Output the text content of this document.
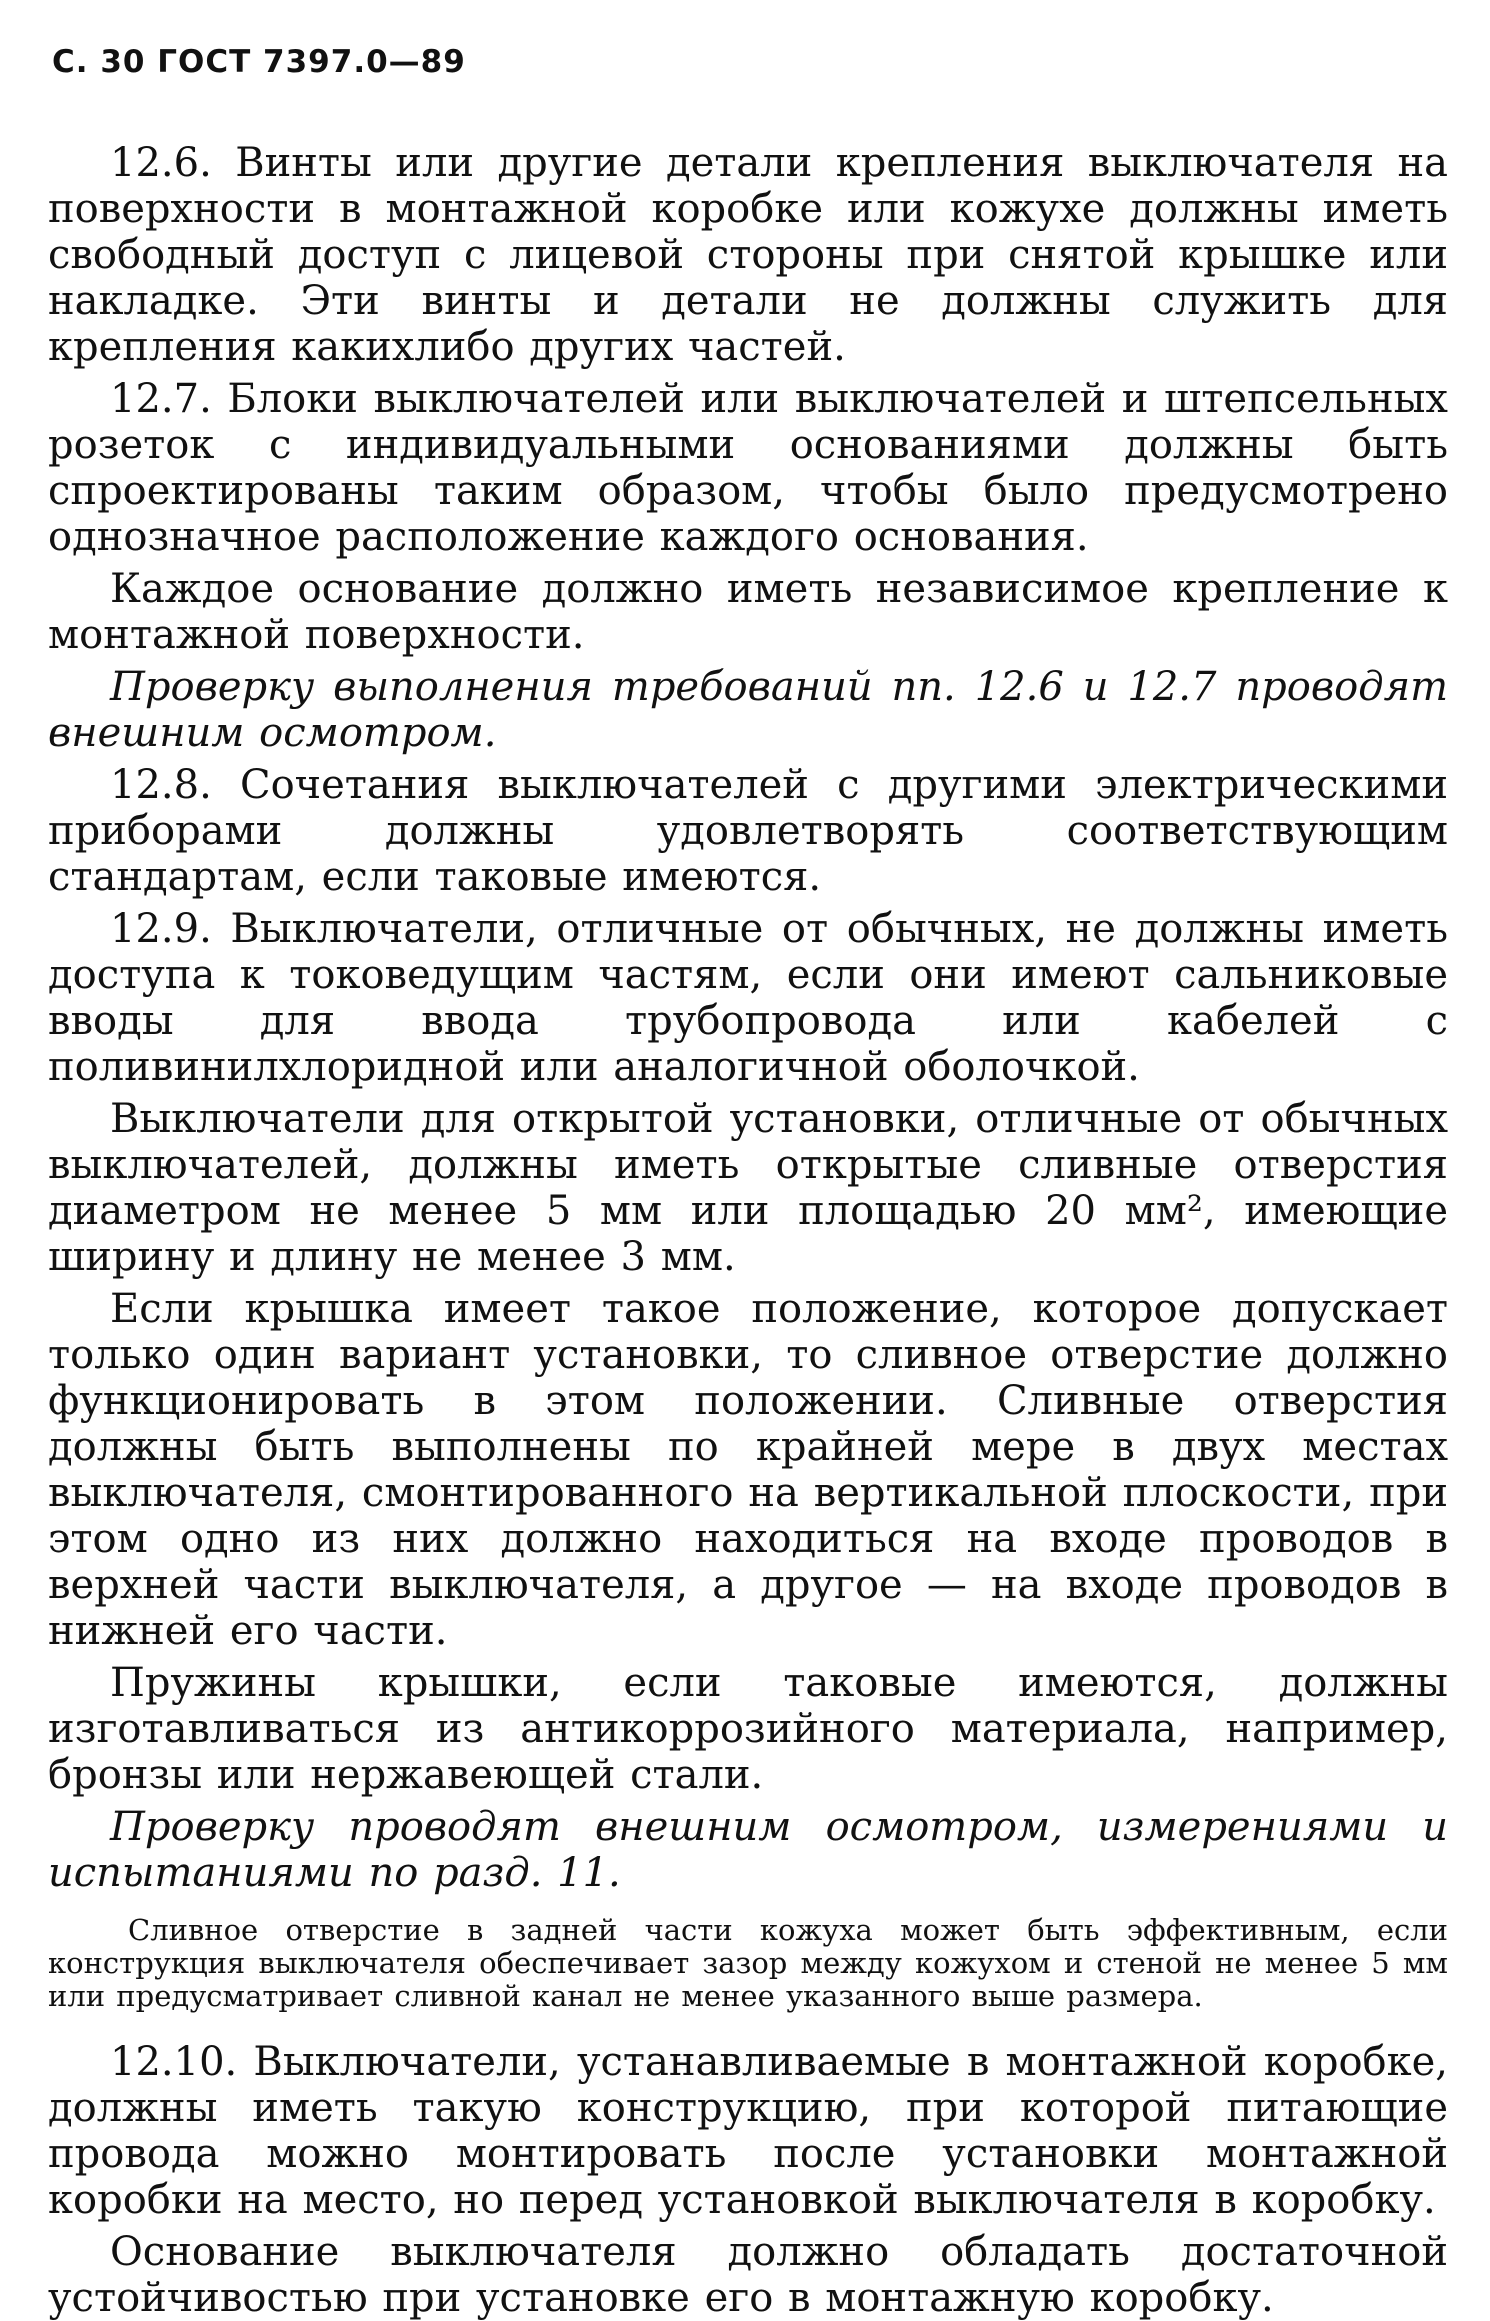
С. 30 ГОСТ 7397.0—89

12.6. Винты или другие детали крепления выключателя на поверхности в монтажной коробке или кожухе должны иметь свободный доступ с лицевой стороны при снятой крышке или накладке. Эти винты и детали не должны служить для крепления какихлибо других частей.

12.7. Блоки выключателей или выключателей и штепсельных розеток с индивидуальными основаниями должны быть спроектированы таким образом, чтобы было предусмотрено однозначное расположение каждого основания.

Каждое основание должно иметь независимое крепление к монтажной поверхности.

Проверку выполнения требований пп. 12.6 и 12.7 проводят внешним осмотром.

12.8. Сочетания выключателей с другими электрическими приборами должны удовлетворять соответствующим стандартам, если таковые имеются.

12.9. Выключатели, отличные от обычных, не должны иметь доступа к токоведущим частям, если они имеют сальниковые вводы для ввода трубопровода или кабелей с поливинилхлоридной или аналогичной оболочкой.

Выключатели для открытой установки, отличные от обычных выключателей, должны иметь открытые сливные отверстия диаметром не менее 5 мм или площадью 20 мм², имеющие ширину и длину не менее 3 мм.

Если крышка имеет такое положение, которое допускает только один вариант установки, то сливное отверстие должно функционировать в этом положении. Сливные отверстия должны быть выполнены по крайней мере в двух местах выключателя, смонтированного на вертикальной плоскости, при этом одно из них должно находиться на входе проводов в верхней части выключателя, а другое — на входе проводов в нижней его части.

Пружины крышки, если таковые имеются, должны изготавливаться из антикоррозийного материала, например, бронзы или нержавеющей стали.

Проверку проводят внешним осмотром, измерениями и испытаниями по разд. 11.

Сливное отверстие в задней части кожуха может быть эффективным, если конструкция выключателя обеспечивает зазор между кожухом и стеной не менее 5 мм или предусматривает сливной канал не менее указанного выше размера.

12.10. Выключатели, устанавливаемые в монтажной коробке, должны иметь такую конструкцию, при которой питающие провода можно монтировать после установки монтажной коробки на место, но перед установкой выключателя в коробку.

Основание выключателя должно обладать достаточной устойчивостью при установке его в монтажную коробку.
